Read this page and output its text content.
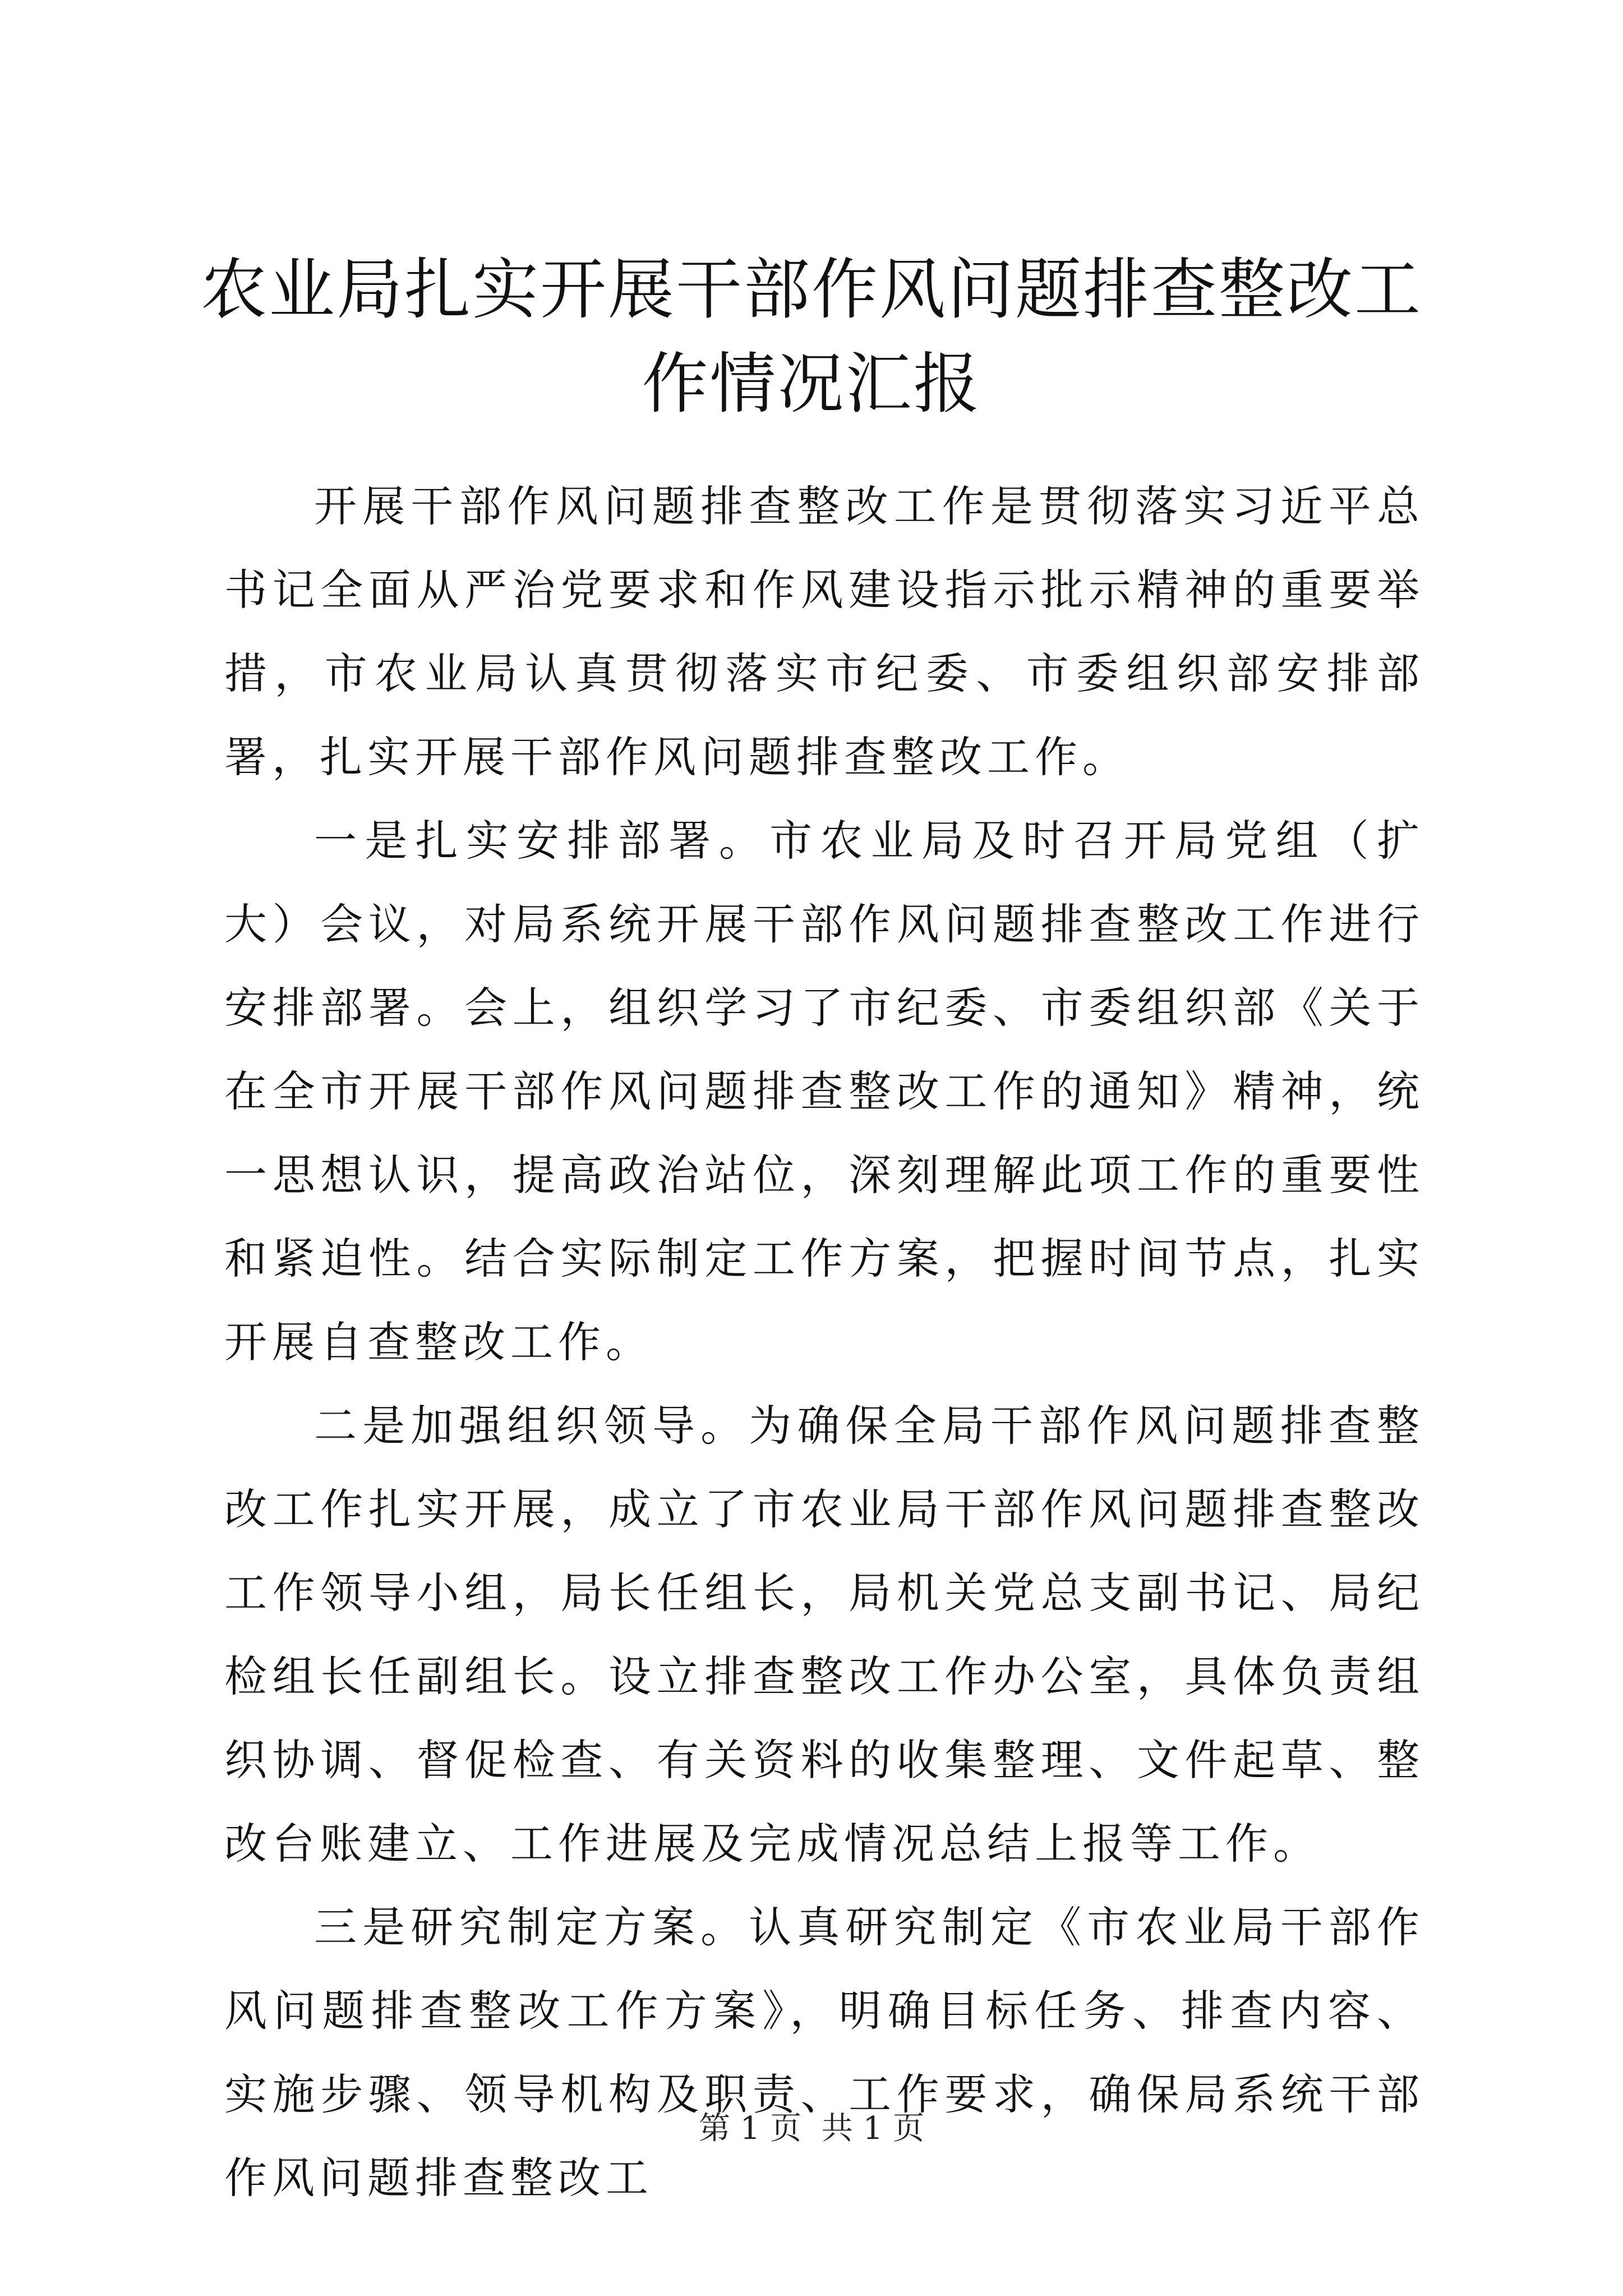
农业局扎实开展干部作风问题排查整改工作情况汇报

开展干部作风问题排查整改工作是贯彻落实习近平总书记全面从严治党要求和作风建设指示批示精神的重要举措，市农业局认真贯彻落实市纪委、市委组织部安排部署，扎实开展干部作风问题排查整改工作。

一是扎实安排部署。市农业局及时召开局党组（扩大）会议，对局系统开展干部作风问题排查整改工作进行安排部署。会上，组织学习了市纪委、市委组织部《关于在全市开展干部作风问题排查整改工作的通知》精神，统一思想认识，提高政治站位，深刻理解此项工作的重要性和紧迫性。结合实际制定工作方案，把握时间节点，扎实开展自查整改工作。

二是加强组织领导。为确保全局干部作风问题排查整改工作扎实开展，成立了市农业局干部作风问题排查整改工作领导小组，局长任组长，局机关党总支副书记、局纪检组长任副组长。设立排查整改工作办公室，具体负责组织协调、督促检查、有关资料的收集整理、文件起草、整改台账建立、工作进展及完成情况总结上报等工作。

三是研究制定方案。认真研究制定《市农业局干部作风问题排查整改工作方案》，明确目标任务、排查内容、实施步骤、领导机构及职责、工作要求，确保局系统干部作风问题排查整改工

第 1 页  共 1 页
